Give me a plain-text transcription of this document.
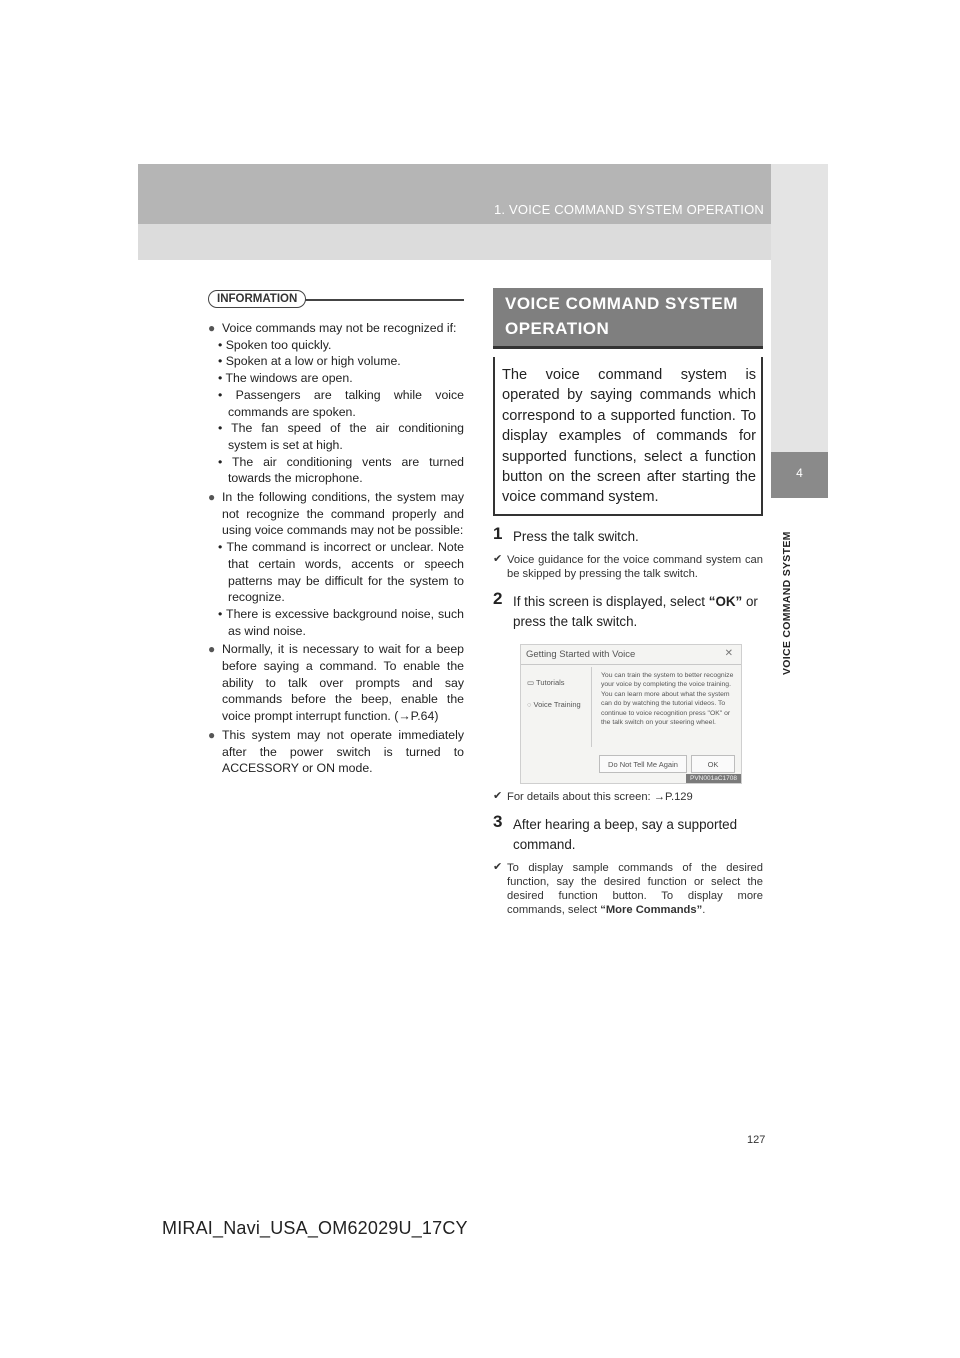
1. VOICE COMMAND SYSTEM OPERATION
4
VOICE COMMAND SYSTEM
INFORMATION
● Voice commands may not be recognized if:
• Spoken too quickly.
• Spoken at a low or high volume.
• The windows are open.
• Passengers are talking while voice commands are spoken.
• The fan speed of the air conditioning system is set at high.
• The air conditioning vents are turned towards the microphone.
● In the following conditions, the system may not recognize the command properly and using voice commands may not be possible:
• The command is incorrect or unclear. Note that certain words, accents or speech patterns may be difficult for the system to recognize.
• There is excessive background noise, such as wind noise.
● Normally, it is necessary to wait for a beep before saying a command. To enable the ability to talk over prompts and say commands before the beep, enable the voice prompt interrupt function. (→P.64)
● This system may not operate immediately after the power switch is turned to ACCESSORY or ON mode.
VOICE COMMAND SYSTEM OPERATION
The voice command system is operated by saying commands which correspond to a supported function. To display examples of commands for supported functions, select a function button on the screen after starting the voice command system.
1 Press the talk switch.
✔ Voice guidance for the voice command system can be skipped by pressing the talk switch.
2 If this screen is displayed, select “OK” or press the talk switch.
Getting Started with Voice	✕
▭ Tutorials
◌ Voice Training
You can train the system to better recognize your voice by completing the voice training. You can learn more about what the system can do by watching the tutorial videos. To continue to voice recognition press "OK" or the talk switch on your steering wheel.
Do Not Tell Me Again	OK
PVN001aC1708
✔ For details about this screen: →P.129
3 After hearing a beep, say a supported command.
✔ To display sample commands of the desired function, say the desired function or select the desired function button. To display more commands, select “More Commands”.
127
MIRAI_Navi_USA_OM62029U_17CY
